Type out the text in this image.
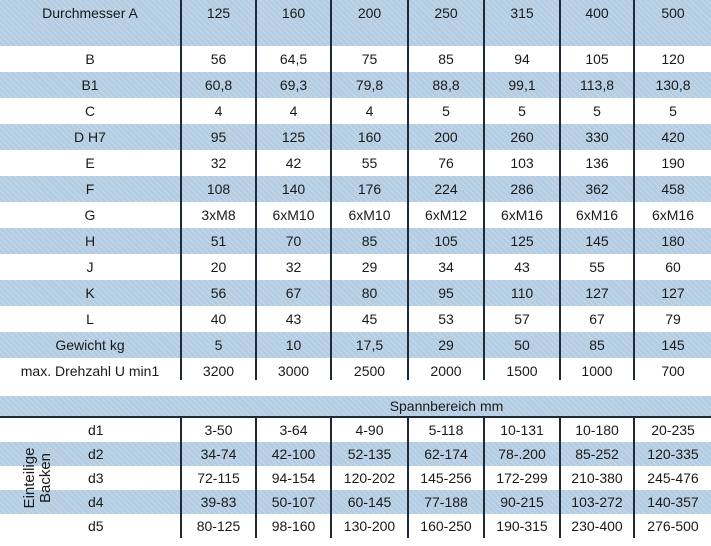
Durchmesser A	125	160	200	250	315	400	500
B	56	64,5	75	85	94	105	120
B1	60,8	69,3	79,8	88,8	99,1	113,8	130,8
C	4	4	4	5	5	5	5
D H7	95	125	160	200	260	330	420
E	32	42	55	76	103	136	190
F	108	140	176	224	286	362	458
G	3xM8	6xM10	6xM10	6xM12	6xM16	6xM16	6xM16
H	51	70	85	105	125	145	180
J	20	32	29	34	43	55	60
K	56	67	80	95	110	127	127
L	40	43	45	53	57	67	79
Gewicht kg	5	10	17,5	29	50	85	145
max. Drehzahl U min1	3200	3000	2500	2000	1500	1000	700
Spannbereich mm
d1	3-50	3-64	4-90	5-118	10-131	10-180	20-235
d2	34-74	42-100	52-135	62-174	78-.200	85-252	120-335
d3	72-115	94-154	120-202	145-256	172-299	210-380	245-476
d4	39-83	50-107	60-145	77-188	90-215	103-272	140-357
d5	80-125	98-160	130-200	160-250	190-315	230-400	276-500
Einteilige Backen
